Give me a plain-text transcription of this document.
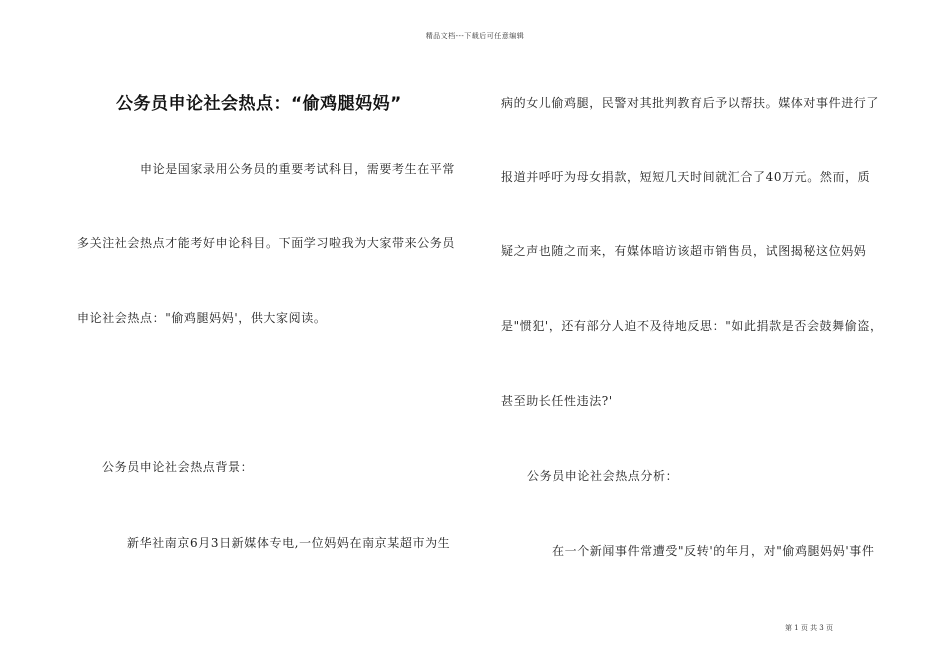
精品文档---下载后可任意编辑
公务员申论社会热点：“偷鸡腿妈妈”
申论是国家录用公务员的重要考试科目，需要考生在平常
多关注社会热点才能考好申论科目。下面学习啦我为大家带来公务员
申论社会热点："偷鸡腿妈妈'，供大家阅读。
公务员申论社会热点背景：
新华社南京6月3日新媒体专电,一位妈妈在南京某超市为生
病的女儿偷鸡腿，民警对其批判教育后予以帮扶。媒体对事件进行了
报道并呼吁为母女捐款，短短几天时间就汇合了40万元。然而，质
疑之声也随之而来，有媒体暗访该超市销售员，试图揭秘这位妈妈
是"惯犯'，还有部分人迫不及待地反思："如此捐款是否会鼓舞偷盗，
甚至助长任性违法?'
公务员申论社会热点分析：
在一个新闻事件常遭受"反转'的年月，对"偷鸡腿妈妈'事件
第 1 页 共 3 页
